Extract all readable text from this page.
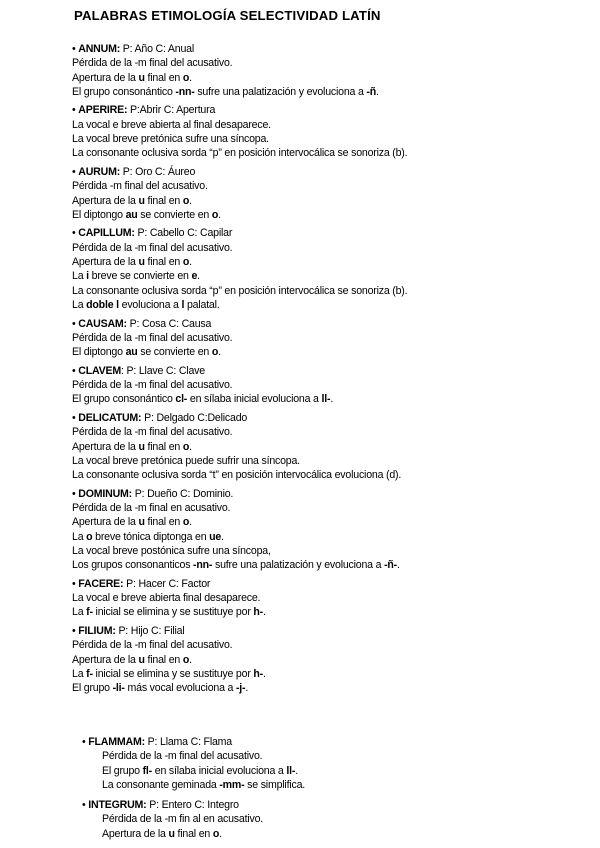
PALABRAS ETIMOLOGÍA SELECTIVIDAD LATÍN
• ANNUM: P: Año C: Anual
Pérdida de la -m final del acusativo.
Apertura de la u final en o.
El grupo consonántico -nn- sufre una palatización y evoluciona a -ñ.
• APERIRE: P:Abrir C: Apertura
La vocal e breve abierta al final desaparece.
La vocal breve pretónica sufre una síncopa.
La consonante oclusiva sorda “p” en posición intervocálica se sonoriza (b).
• AURUM: P: Oro C: Áureo
Pérdida -m final del acusativo.
Apertura de la u final en o.
El diptongo au se convierte en o.
• CAPILLUM: P: Cabello C: Capilar
Pérdida de la -m final del acusativo.
Apertura de la u final en o.
La i breve se convierte en e.
La consonante oclusiva sorda “p” en posición intervocálica se sonoriza (b).
La doble l evoluciona a l palatal.
• CAUSAM: P: Cosa C: Causa
Pérdida de la -m final del acusativo.
El diptongo au se convierte en o.
• CLAVEM: P: Llave C: Clave
Pérdida de la -m final del acusativo.
El grupo consonántico cl- en sílaba inicial evoluciona a ll-.
• DELICATUM: P: Delgado C:Delicado
Pérdida de la -m final del acusativo.
Apertura de la u final en o.
La vocal breve pretónica puede sufrir una síncopa.
La consonante oclusiva sorda “t” en posición intervocálica evoluciona (d).
• DOMINUM: P: Dueño C: Dominio.
Pérdida de la -m final en acusativo.
Apertura de la u final en o.
La o breve tónica diptonga en ue.
La vocal breve postónica sufre una síncopa,
Los grupos consonanticos -nn- sufre una palatización y evoluciona a -ñ-.
• FACERE: P: Hacer C: Factor
La vocal e breve abierta final desaparece.
La f- inicial se elimina y se sustituye por h-.
• FILIUM: P: Hijo C: Filial
Pérdida de la -m final del acusativo.
Apertura de la u final en o.
La f- inicial se elimina y se sustituye por h-.
El grupo -li- más vocal evoluciona a -j-.
• FLAMMAM: P: Llama C: Flama
Pérdida de la -m final del acusativo.
El grupo fl- en sílaba inicial evoluciona a ll-.
La consonante geminada -mm- se simplifica.
• INTEGRUM: P: Entero C: Integro
Pérdida de la -m fin al en acusativo.
Apertura de la u final en o.
